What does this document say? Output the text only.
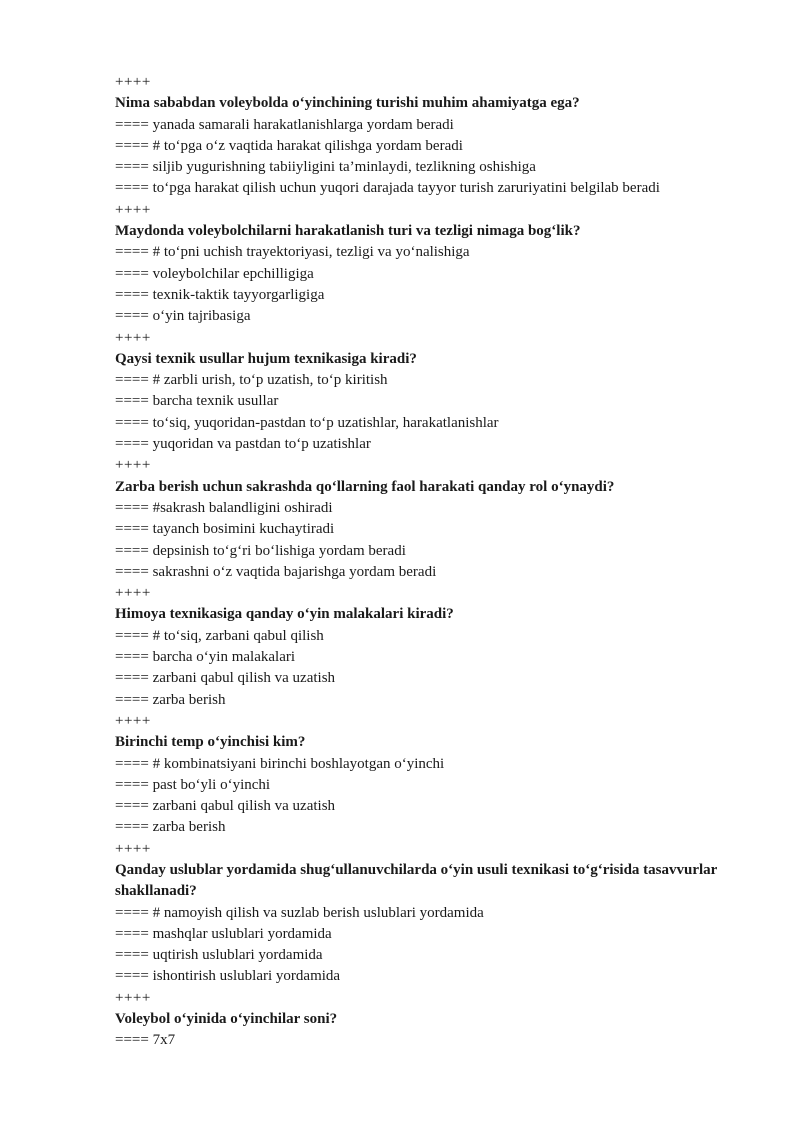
++++
Nima sababdan voleybolda o‘yinchining turishi muhim ahamiyatga ega?
==== yanada samarali harakatlanishlarga yordam beradi
==== # to‘pga o‘z vaqtida harakat qilishga yordam beradi
==== siljib yugurishning tabiiyligini ta’minlaydi, tezlikning oshishiga
==== to‘pga harakat qilish uchun yuqori darajada tayyor turish zaruriyatini belgilab beradi
++++
Maydonda voleybolchilarni harakatlanish turi va tezligi nimaga bog‘lik?
==== # to‘pni uchish trayektoriyasi, tezligi va yo‘nalishiga
==== voleybolchilar epchilligiga
==== texnik-taktik tayyorgarligiga
==== o‘yin tajribasiga
++++
Qaysi texnik usullar hujum texnikasiga kiradi?
==== # zarbli urish, to‘p uzatish, to‘p kiritish
==== barcha texnik usullar
==== to‘siq, yuqoridan-pastdan to‘p uzatishlar, harakatlanishlar
==== yuqoridan va pastdan to‘p uzatishlar
++++
Zarba berish uchun sakrashda qo‘llarning faol harakati qanday rol o‘ynaydi?
==== #sakrash balandligini oshiradi
==== tayanch bosimini kuchaytiradi
==== depsinish to‘g‘ri bo‘lishiga yordam beradi
==== sakrashni o‘z vaqtida bajarishga yordam beradi
++++
Himoya texnikasiga qanday o‘yin malakalari kiradi?
==== # to‘siq, zarbani qabul qilish
==== barcha o‘yin malakalari
==== zarbani qabul qilish va uzatish
==== zarba berish
++++
Birinchi temp o‘yinchisi kim?
==== # kombinatsiyani birinchi boshlayotgan o‘yinchi
==== past bo‘yli o‘yinchi
==== zarbani qabul qilish va uzatish
==== zarba berish
++++
Qanday uslublar yordamida shug‘ullanuvchilarda o‘yin usuli texnikasi to‘g‘risida tasavvurlar shakllanadi?
==== # namoyish qilish va suzlab berish uslublari yordamida
==== mashqlar uslublari yordamida
==== uqtirish uslublari yordamida
==== ishontirish uslublari yordamida
++++
Voleybol o‘yinida o‘yinchilar soni?
==== 7x7
